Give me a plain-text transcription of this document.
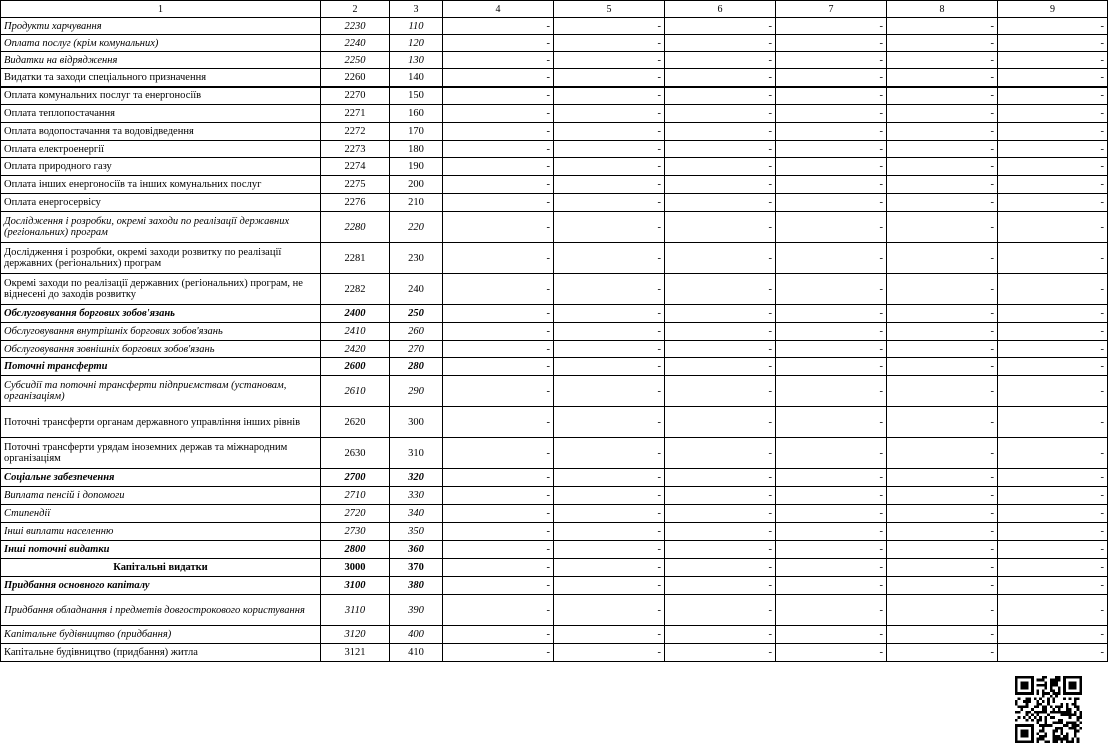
1	2	3	4	5	6	7	8	9
Продукти харчування	2230	110	-	-	-	-	-	-
Оплата послуг (крім комунальних)	2240	120	-	-	-	-	-	-
Видатки на відрядження	2250	130	-	-	-	-	-	-
Видатки та заходи спеціального призначення	2260	140	-	-	-	-	-	-
Оплата комунальних послуг та енергоносіїв	2270	150	-	-	-	-	-	-
Оплата теплопостачання	2271	160	-	-	-	-	-	-
Оплата водопостачання та водовідведення	2272	170	-	-	-	-	-	-
Оплата електроенергії	2273	180	-	-	-	-	-	-
Оплата природного газу	2274	190	-	-	-	-	-	-
Оплата інших енергоносіїв та інших комунальних послуг	2275	200	-	-	-	-	-	-
Оплата енергосервісу	2276	210	-	-	-	-	-	-
Дослідження і розробки, окремі заходи по реалізації державних (регіональних) програм	2280	220	-	-	-	-	-	-
Дослідження і розробки, окремі заходи розвитку по реалізації державних (регіональних) програм	2281	230	-	-	-	-	-	-
Окремі заходи по реалізації державних (регіональних) програм, не віднесені до заходів розвитку	2282	240	-	-	-	-	-	-
Обслуговування боргових зобов'язань	2400	250	-	-	-	-	-	-
Обслуговування внутрішніх боргових зобов'язань	2410	260	-	-	-	-	-	-
Обслуговування зовнішніх боргових зобов'язань	2420	270	-	-	-	-	-	-
Поточні трансферти	2600	280	-	-	-	-	-	-
Субсидії та поточні трансферти підприємствам (установам, організаціям)	2610	290	-	-	-	-	-	-
Поточні трансферти органам державного управління інших рівнів	2620	300	-	-	-	-	-	-
Поточні трансферти урядам іноземних держав та міжнародним організаціям	2630	310	-	-	-	-	-	-
Соціальне забезпечення	2700	320	-	-	-	-	-	-
Виплата пенсій і допомоги	2710	330	-	-	-	-	-	-
Стипендії	2720	340	-	-	-	-	-	-
Інші виплати населенню	2730	350	-	-	-	-	-	-
Інші поточні видатки	2800	360	-	-	-	-	-	-
Капітальні видатки	3000	370	-	-	-	-	-	-
Придбання основного капіталу	3100	380	-	-	-	-	-	-
Придбання обладнання і предметів довгострокового користування	3110	390	-	-	-	-	-	-
Капітальне будівництво (придбання)	3120	400	-	-	-	-	-	-
Капітальне будівництво (придбання) житла	3121	410	-	-	-	-	-	-
